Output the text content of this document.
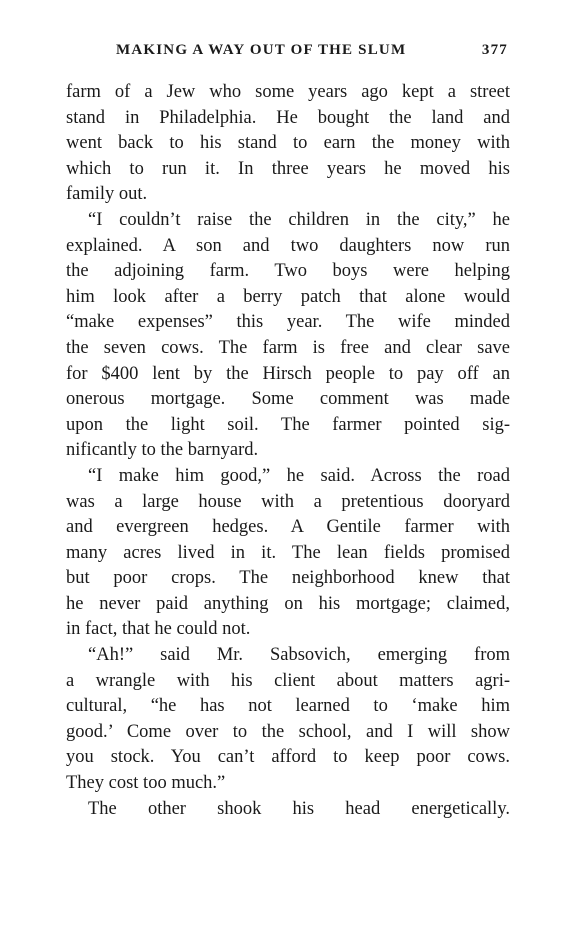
MAKING A WAY OUT OF THE SLUM	377
farm of a Jew who some years ago kept a street
stand in Philadelphia. He bought the land and
went back to his stand to earn the money with
which to run it. In three years he moved his
family out.
“I couldn’t raise the children in the city,” he
explained. A son and two daughters now run
the adjoining farm. Two boys were helping
him look after a berry patch that alone would
“make expenses” this year. The wife minded
the seven cows. The farm is free and clear save
for $400 lent by the Hirsch people to pay off an
onerous mortgage. Some comment was made
upon the light soil. The farmer pointed sig-
nificantly to the barnyard.
“I make him good,” he said. Across the road
was a large house with a pretentious dooryard
and evergreen hedges. A Gentile farmer with
many acres lived in it. The lean fields promised
but poor crops. The neighborhood knew that
he never paid anything on his mortgage; claimed,
in fact, that he could not.
“Ah!” said Mr. Sabsovich, emerging from
a wrangle with his client about matters agri-
cultural, “he has not learned to ‘make him
good.’ Come over to the school, and I will show
you stock. You can’t afford to keep poor cows.
They cost too much.”
The other shook his head energetically.
